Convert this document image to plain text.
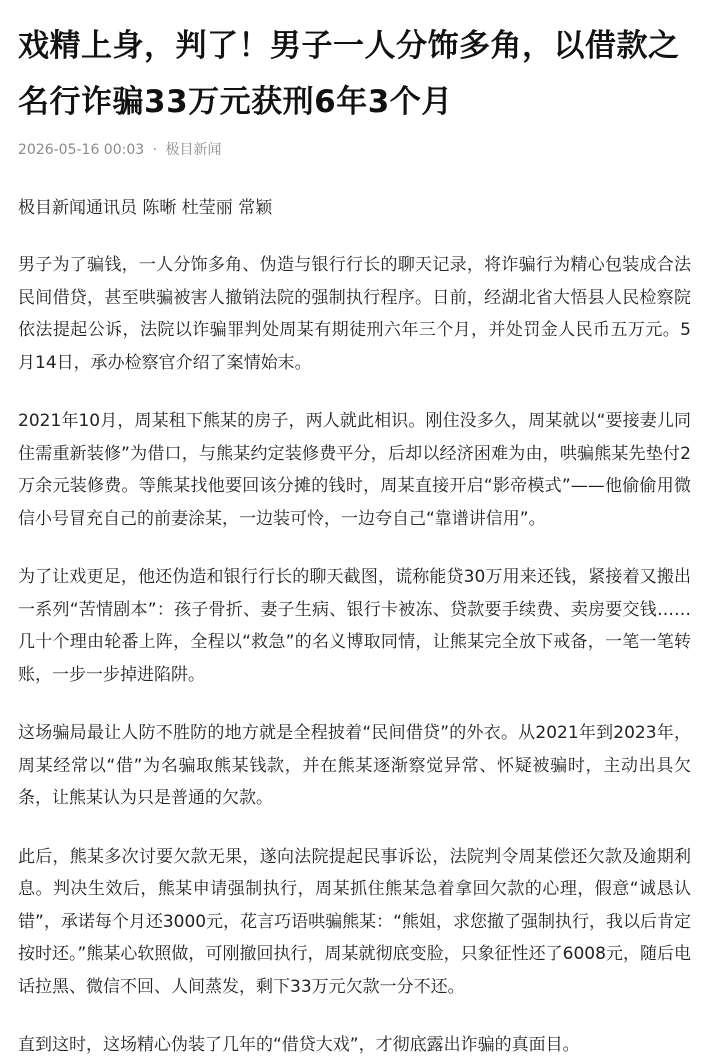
戏精上身，判了！男子一人分饰多角，以借款之名行诈骗33万元获刑6年3个月
2026-05-16 00:03 · 极目新闻
极目新闻通讯员 陈晰 杜莹丽 常颖

男子为了骗钱，一人分饰多角、伪造与银行行长的聊天记录，将诈骗行为精心包装成合法民间借贷，甚至哄骗被害人撤销法院的强制执行程序。日前，经湖北省大悟县人民检察院依法提起公诉，法院以诈骗罪判处周某有期徒刑六年三个月，并处罚金人民币五万元。5月14日，承办检察官介绍了案情始末。

2021年10月，周某租下熊某的房子，两人就此相识。刚住没多久，周某就以“要接妻儿同住需重新装修”为借口，与熊某约定装修费平分，后却以经济困难为由，哄骗熊某先垫付2万余元装修费。等熊某找他要回该分摊的钱时，周某直接开启“影帝模式”——他偷偷用微信小号冒充自己的前妻涂某，一边装可怜，一边夸自己“靠谱讲信用”。

为了让戏更足，他还伪造和银行行长的聊天截图，谎称能贷30万用来还钱，紧接着又搬出一系列“苦情剧本”：孩子骨折、妻子生病、银行卡被冻、贷款要手续费、卖房要交钱……几十个理由轮番上阵，全程以“救急”的名义博取同情，让熊某完全放下戒备，一笔一笔转账，一步一步掉进陷阱。

这场骗局最让人防不胜防的地方就是全程披着“民间借贷”的外衣。从2021年到2023年，周某经常以“借”为名骗取熊某钱款，并在熊某逐渐察觉异常、怀疑被骗时，主动出具欠条，让熊某认为只是普通的欠款。

此后，熊某多次讨要欠款无果，遂向法院提起民事诉讼，法院判令周某偿还欠款及逾期利息。判决生效后，熊某申请强制执行，周某抓住熊某急着拿回欠款的心理，假意“诚恳认错”，承诺每个月还3000元，花言巧语哄骗熊某：“熊姐，求您撤了强制执行，我以后肯定按时还。”熊某心软照做，可刚撤回执行，周某就彻底变脸，只象征性还了6008元，随后电话拉黑、微信不回、人间蒸发，剩下33万元欠款一分不还。

直到这时，这场精心伪装了几年的“借贷大戏”，才彻底露出诈骗的真面目。
